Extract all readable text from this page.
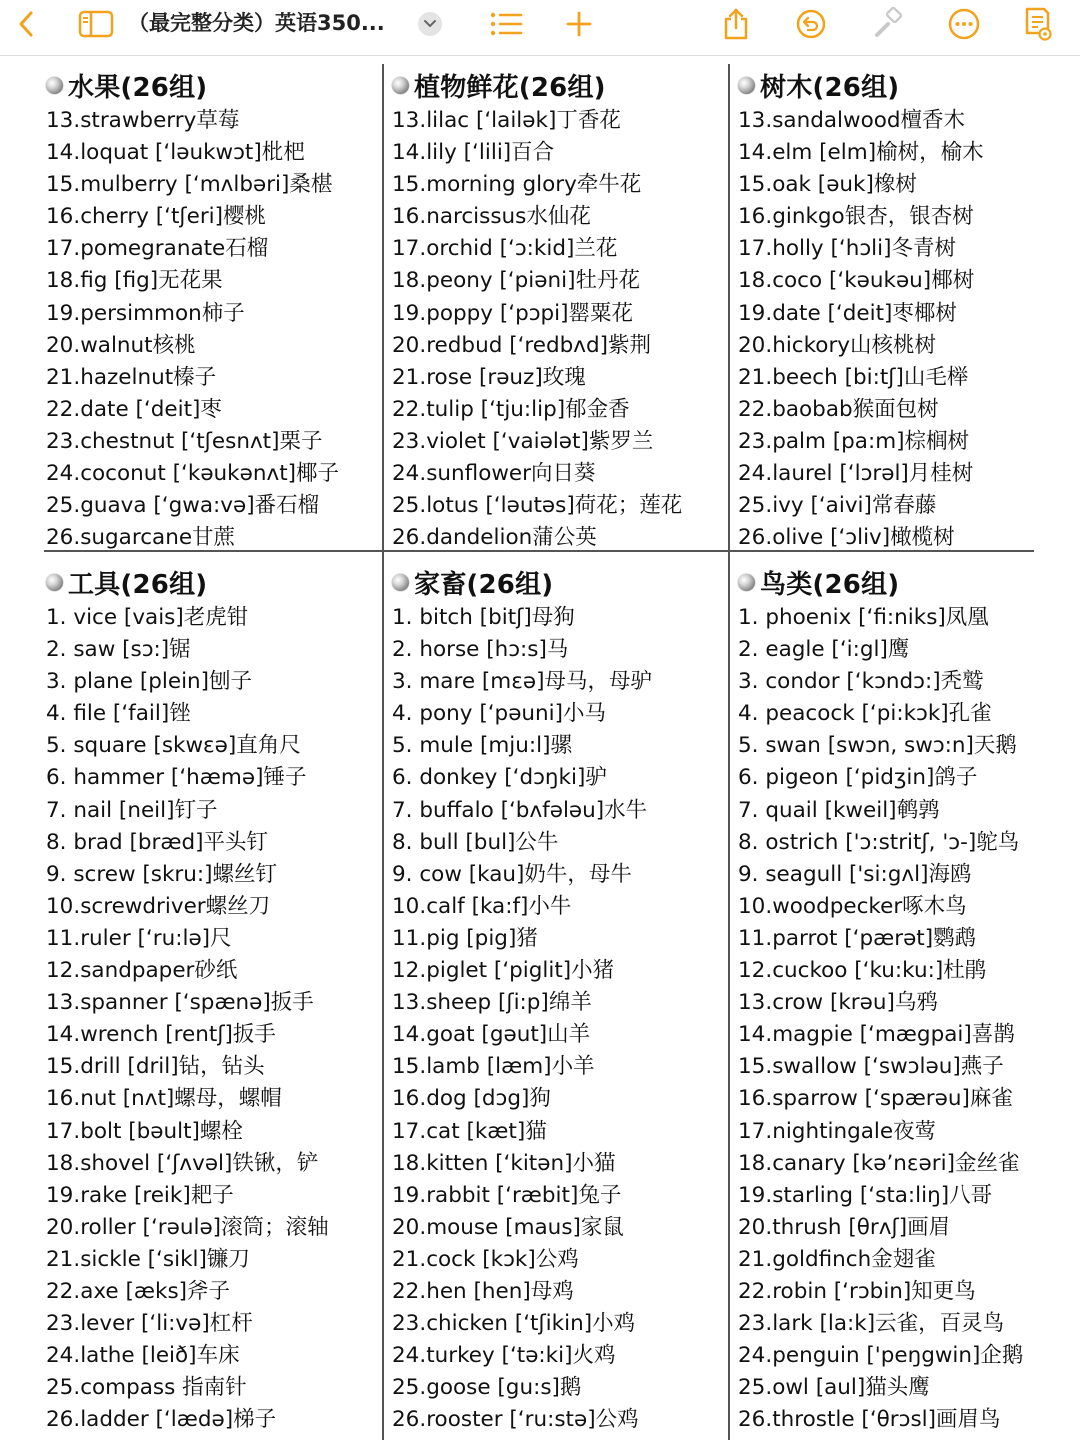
（最完整分类）英语350...
水果(26组)
13.strawberry草莓
14.loquat [ʻləukwɔt]枇杷
15.mulberry [ʻmʌlbəri]桑椹
16.cherry [ʻtʃeri]樱桃
17.pomegranate石榴
18.fig [fig]无花果
19.persimmon柿子
20.walnut核桃
21.hazelnut榛子
22.date [ʻdeit]枣
23.chestnut [ʻtʃesnʌt]栗子
24.coconut [ʻkəukənʌt]椰子
25.guava [ʻgwa:və]番石榴
26.sugarcane甘蔗
植物鲜花(26组)
13.lilac [ʻlailək]丁香花
14.lily [ʻlili]百合
15.morning glory牵牛花
16.narcissus水仙花
17.orchid [ʻɔ:kid]兰花
18.peony [ʻpiəni]牡丹花
19.poppy [ʻpɔpi]罂粟花
20.redbud [ʻredbʌd]紫荆
21.rose [rəuz]玫瑰
22.tulip [ʻtju:lip]郁金香
23.violet [ʻvaiələt]紫罗兰
24.sunflower向日葵
25.lotus [ʻləutəs]荷花；莲花
26.dandelion蒲公英
树木(26组)
13.sandalwood檀香木
14.elm [elm]榆树，榆木
15.oak [əuk]橡树
16.ginkgo银杏，银杏树
17.holly [ʻhɔli]冬青树
18.coco [ʻkəukəu]椰树
19.date [ʻdeit]枣椰树
20.hickory山核桃树
21.beech [bi:tʃ]山毛榉
22.baobab猴面包树
23.palm [pa:m]棕榈树
24.laurel [ʻlɔrəl]月桂树
25.ivy [ʻaivi]常春藤
26.olive [ʻɔliv]橄榄树
工具(26组)
1. vice [vais]老虎钳
2. saw [sɔ:]锯
3. plane [plein]刨子
4. file [ʻfail]锉
5. square [skwεə]直角尺
6. hammer [ʻhæmə]锤子
7. nail [neil]钉子
8. brad [bræd]平头钉
9. screw [skru:]螺丝钉
10.screwdriver螺丝刀
11.ruler [ʻru:lə]尺
12.sandpaper砂纸
13.spanner [ʻspænə]扳手
14.wrench [rentʃ]扳手
15.drill [dril]钻，钻头
16.nut [nʌt]螺母，螺帽
17.bolt [bəult]螺栓
18.shovel [ʻʃʌvəl]铁锹，铲
19.rake [reik]耙子
20.roller [ʻrəulə]滚筒；滚轴
21.sickle [ʻsikl]镰刀
22.axe [æks]斧子
23.lever [ʻli:və]杠杆
24.lathe [leið]车床
25.compass 指南针
26.ladder [ʻlædə]梯子
家畜(26组)
1. bitch [bitʃ]母狗
2. horse [hɔ:s]马
3. mare [mεə]母马，母驴
4. pony [ʻpəuni]小马
5. mule [mju:l]骡
6. donkey [ʻdɔŋki]驴
7. buffalo [ʻbʌfələu]水牛
8. bull [bul]公牛
9. cow [kau]奶牛，母牛
10.calf [ka:f]小牛
11.pig [pig]猪
12.piglet [ʻpiglit]小猪
13.sheep [ʃi:p]绵羊
14.goat [gəut]山羊
15.lamb [læm]小羊
16.dog [dɔg]狗
17.cat [kæt]猫
18.kitten [ʻkitən]小猫
19.rabbit [ʻræbit]兔子
20.mouse [maus]家鼠
21.cock [kɔk]公鸡
22.hen [hen]母鸡
23.chicken [ʻtʃikin]小鸡
24.turkey [ʻtə:ki]火鸡
25.goose [gu:s]鹅
26.rooster [ʻru:stə]公鸡
鸟类(26组)
1. phoenix [ʻfi:niks]凤凰
2. eagle [ʻi:gl]鹰
3. condor [ʻkɔndɔ:]秃鹫
4. peacock [ʻpi:kɔk]孔雀
5. swan [swɔn, swɔ:n]天鹅
6. pigeon [ʻpidʒin]鸽子
7. quail [kweil]鹌鹑
8. ostrich ['ɔ:stritʃ, 'ɔ-]鸵鸟
9. seagull ['si:gʌl]海鸥
10.woodpecker啄木鸟
11.parrot [ʻpærət]鹦鹉
12.cuckoo [ʻku:ku:]杜鹃
13.crow [krəu]乌鸦
14.magpie [ʻmægpai]喜鹊
15.swallow [ʻswɔləu]燕子
16.sparrow [ʻspærəu]麻雀
17.nightingale夜莺
18.canary [kəʼnεəri]金丝雀
19.starling [ʻsta:liŋ]八哥
20.thrush [θrʌʃ]画眉
21.goldfinch金翅雀
22.robin [ʻrɔbin]知更鸟
23.lark [la:k]云雀，百灵鸟
24.penguin ['peŋgwin]企鹅
25.owl [aul]猫头鹰
26.throstle [ʻθrɔsl]画眉鸟
